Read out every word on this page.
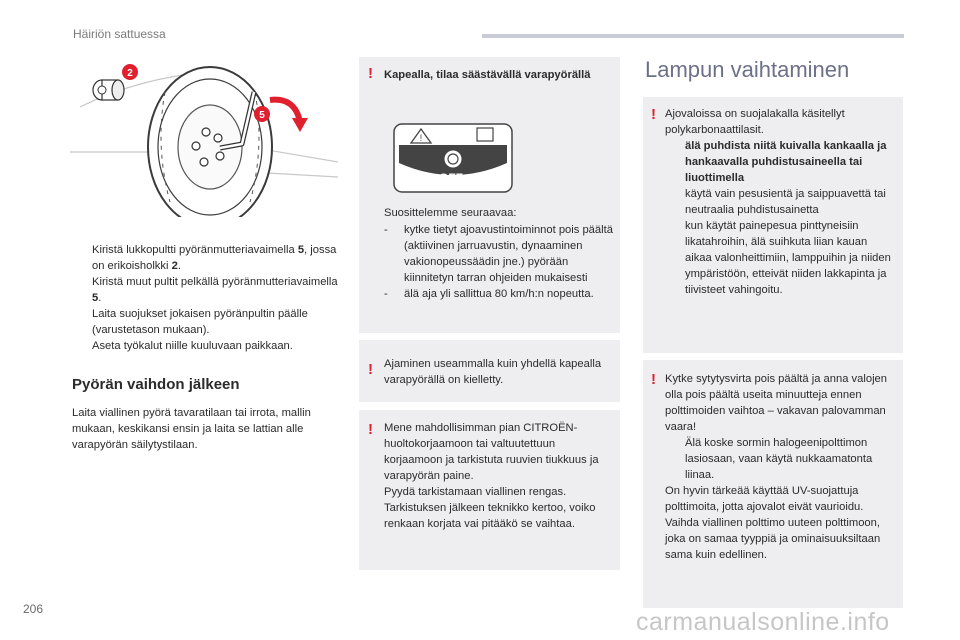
Häiriön sattuessa
2
5
Kiristä lukkopultti pyöränmutteriavaimella 5, jossa on erikoisholkki 2.
Kiristä muut pultit pelkällä pyöränmutteriavaimella 5.
Laita suojukset jokaisen pyöränpultin päälle (varustetason mukaan).
Aseta työkalut niille kuuluvaan paikkaan.
Pyörän vaihdon jälkeen
Laita viallinen pyörä tavaratilaan tai irrota, mallin mukaan, keskikansi ensin ja laita se lattian alle varapyörän säilytystilaan.
! Kapealla, tilaa säästävällä varapyörällä
!
OFF
Suosittelemme seuraavaa:
- kytke tietyt ajoavustintoiminnot pois päältä (aktiivinen jarruavustin, dynaaminen vakionopeussäädin jne.) pyörään kiinnitetyn tarran ohjeiden mukaisesti
- älä aja yli sallittua 80 km/h:n nopeutta.
! Ajaminen useammalla kuin yhdellä kapealla varapyörällä on kielletty.
! Mene mahdollisimman pian CITROËN-huoltokorjaamoon tai valtuutettuun korjaamoon ja tarkistuta ruuvien tiukkuus ja varapyörän paine.
Pyydä tarkistamaan viallinen rengas. Tarkistuksen jälkeen teknikko kertoo, voiko renkaan korjata vai pitääkö se vaihtaa.
Lampun vaihtaminen
! Ajovaloissa on suojalakalla käsitellyt polykarbonaattilasit.
älä puhdista niitä kuivalla kankaalla ja hankaavalla puhdistusaineella tai liuottimella
käytä vain pesusientä ja saippuavettä tai neutraalia puhdistusainetta
kun käytät painepesua pinttyneisiin likatahroihin, älä suihkuta liian kauan aikaa valonheittimiin, lamppuihin ja niiden ympäristöön, etteivät niiden lakkapinta ja tiivisteet vahingoitu.
! Kytke sytytysvirta pois päältä ja anna valojen olla pois päältä useita minuutteja ennen polttimoiden vaihtoa – vakavan palovamman vaara!
Älä koske sormin halogeenipolttimon lasiosaan, vaan käytä nukkaamatonta liinaa.
On hyvin tärkeää käyttää UV-suojattuja polttimoita, jotta ajovalot eivät vaurioidu.
Vaihda viallinen polttimo uuteen polttimoon, joka on samaa tyyppiä ja ominaisuuksiltaan sama kuin edellinen.
206	carmanualsonline.info
